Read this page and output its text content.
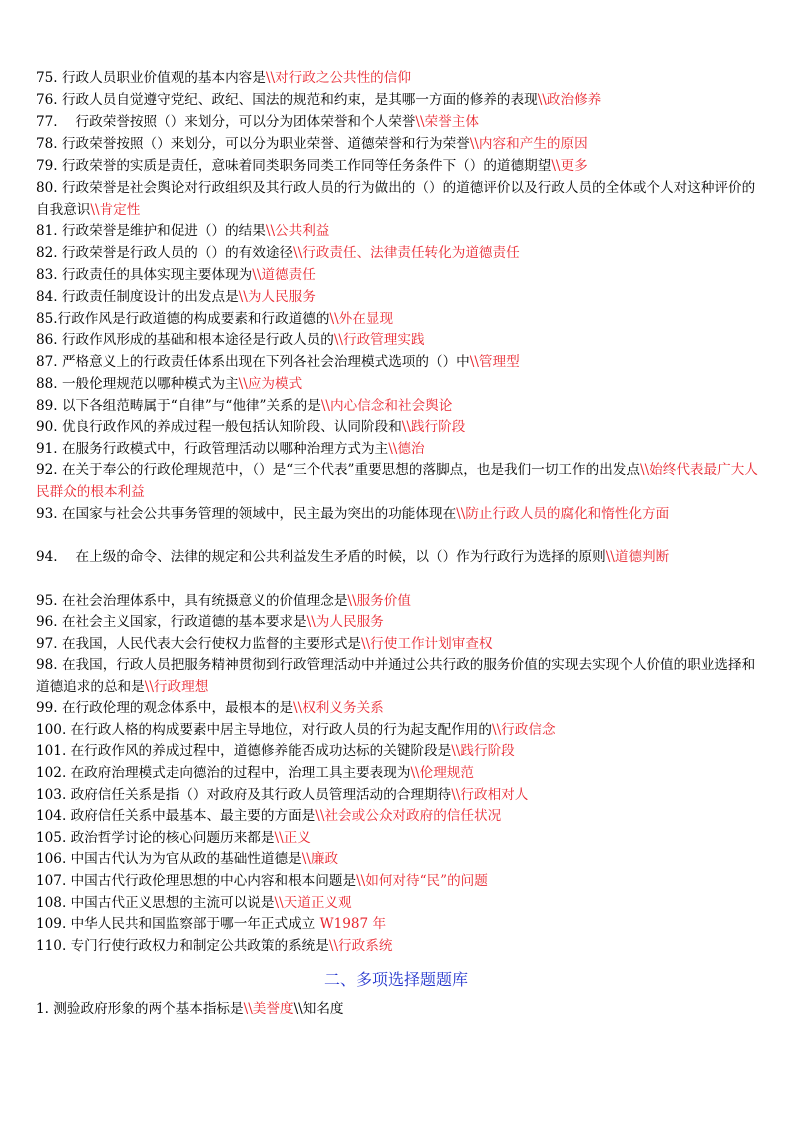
75. 行政人员职业价值观的基本内容是\\对行政之公共性的信仰
76. 行政人员自觉遵守党纪、政纪、国法的规范和约束，是其哪一方面的修养的表现\\政治修养
77.　 行政荣誉按照（）来划分，可以分为团体荣誉和个人荣誉\\荣誉主体
78. 行政荣誉按照（）来划分，可以分为职业荣誉、道德荣誉和行为荣誉\\内容和产生的原因
79. 行政荣誉的实质是责任，意味着同类职务同类工作同等任务条件下（）的道德期望\\更多
80. 行政荣誉是社会舆论对行政组织及其行政人员的行为做出的（）的道德评价以及行政人员的全体或个人对这种评价的自我意识\\肯定性
81. 行政荣誉是维护和促进（）的结果\\公共利益
82. 行政荣誉是行政人员的（）的有效途径\\行政责任、法律责任转化为道德责任
83. 行政责任的具体实现主要体现为\\道德责任
84. 行政责任制度设计的出发点是\\为人民服务
85.行政作风是行政道德的构成要素和行政道德的\\外在显现
86. 行政作风形成的基础和根本途径是行政人员的\\行政管理实践
87. 严格意义上的行政责任体系出现在下列各社会治理模式选项的（）中\\管理型
88. 一般伦理规范以哪种模式为主\\应为模式
89. 以下各组范畴属于“自律”与“他律”关系的是\\内心信念和社会舆论
90. 优良行政作风的养成过程一般包括认知阶段、认同阶段和\\践行阶段
91. 在服务行政模式中，行政管理活动以哪种治理方式为主\\德治
92. 在关于奉公的行政伦理规范中，（）是“三个代表”重要思想的落脚点，也是我们一切工作的出发点\\始终代表最广大人民群众的根本利益
93. 在国家与社会公共事务管理的领域中，民主最为突出的功能体现在\\防止行政人员的腐化和惰性化方面
94.　 在上级的命令、法律的规定和公共利益发生矛盾的时候，以（）作为行政行为选择的原则\\道德判断
95. 在社会治理体系中，具有统摄意义的价值理念是\\服务价值
96. 在社会主义国家，行政道德的基本要求是\\为人民服务
97. 在我国，人民代表大会行使权力监督的主要形式是\\行使工作计划审查权
98. 在我国，行政人员把服务精神贯彻到行政管理活动中并通过公共行政的服务价值的实现去实现个人价值的职业选择和道德追求的总和是\\行政理想
99. 在行政伦理的观念体系中，最根本的是\\权利义务关系
100. 在行政人格的构成要素中居主导地位，对行政人员的行为起支配作用的\\行政信念
101. 在行政作风的养成过程中，道德修养能否成功达标的关键阶段是\\践行阶段
102. 在政府治理模式走向德治的过程中，治理工具主要表现为\\伦理规范
103. 政府信任关系是指（）对政府及其行政人员管理活动的合理期待\\行政相对人
104. 政府信任关系中最基本、最主要的方面是\\社会或公众对政府的信任状况
105. 政治哲学讨论的核心问题历来都是\\正义
106. 中国古代认为为官从政的基础性道德是\\廉政
107. 中国古代行政伦理思想的中心内容和根本问题是\\如何对待“民”的问题
108. 中国古代正义思想的主流可以说是\\天道正义观
109. 中华人民共和国监察部于哪一年正式成立 W1987 年
110. 专门行使行政权力和制定公共政策的系统是\\行政系统
二、多项选择题题库
1. 测验政府形象的两个基本指标是\\美誉度\\知名度
